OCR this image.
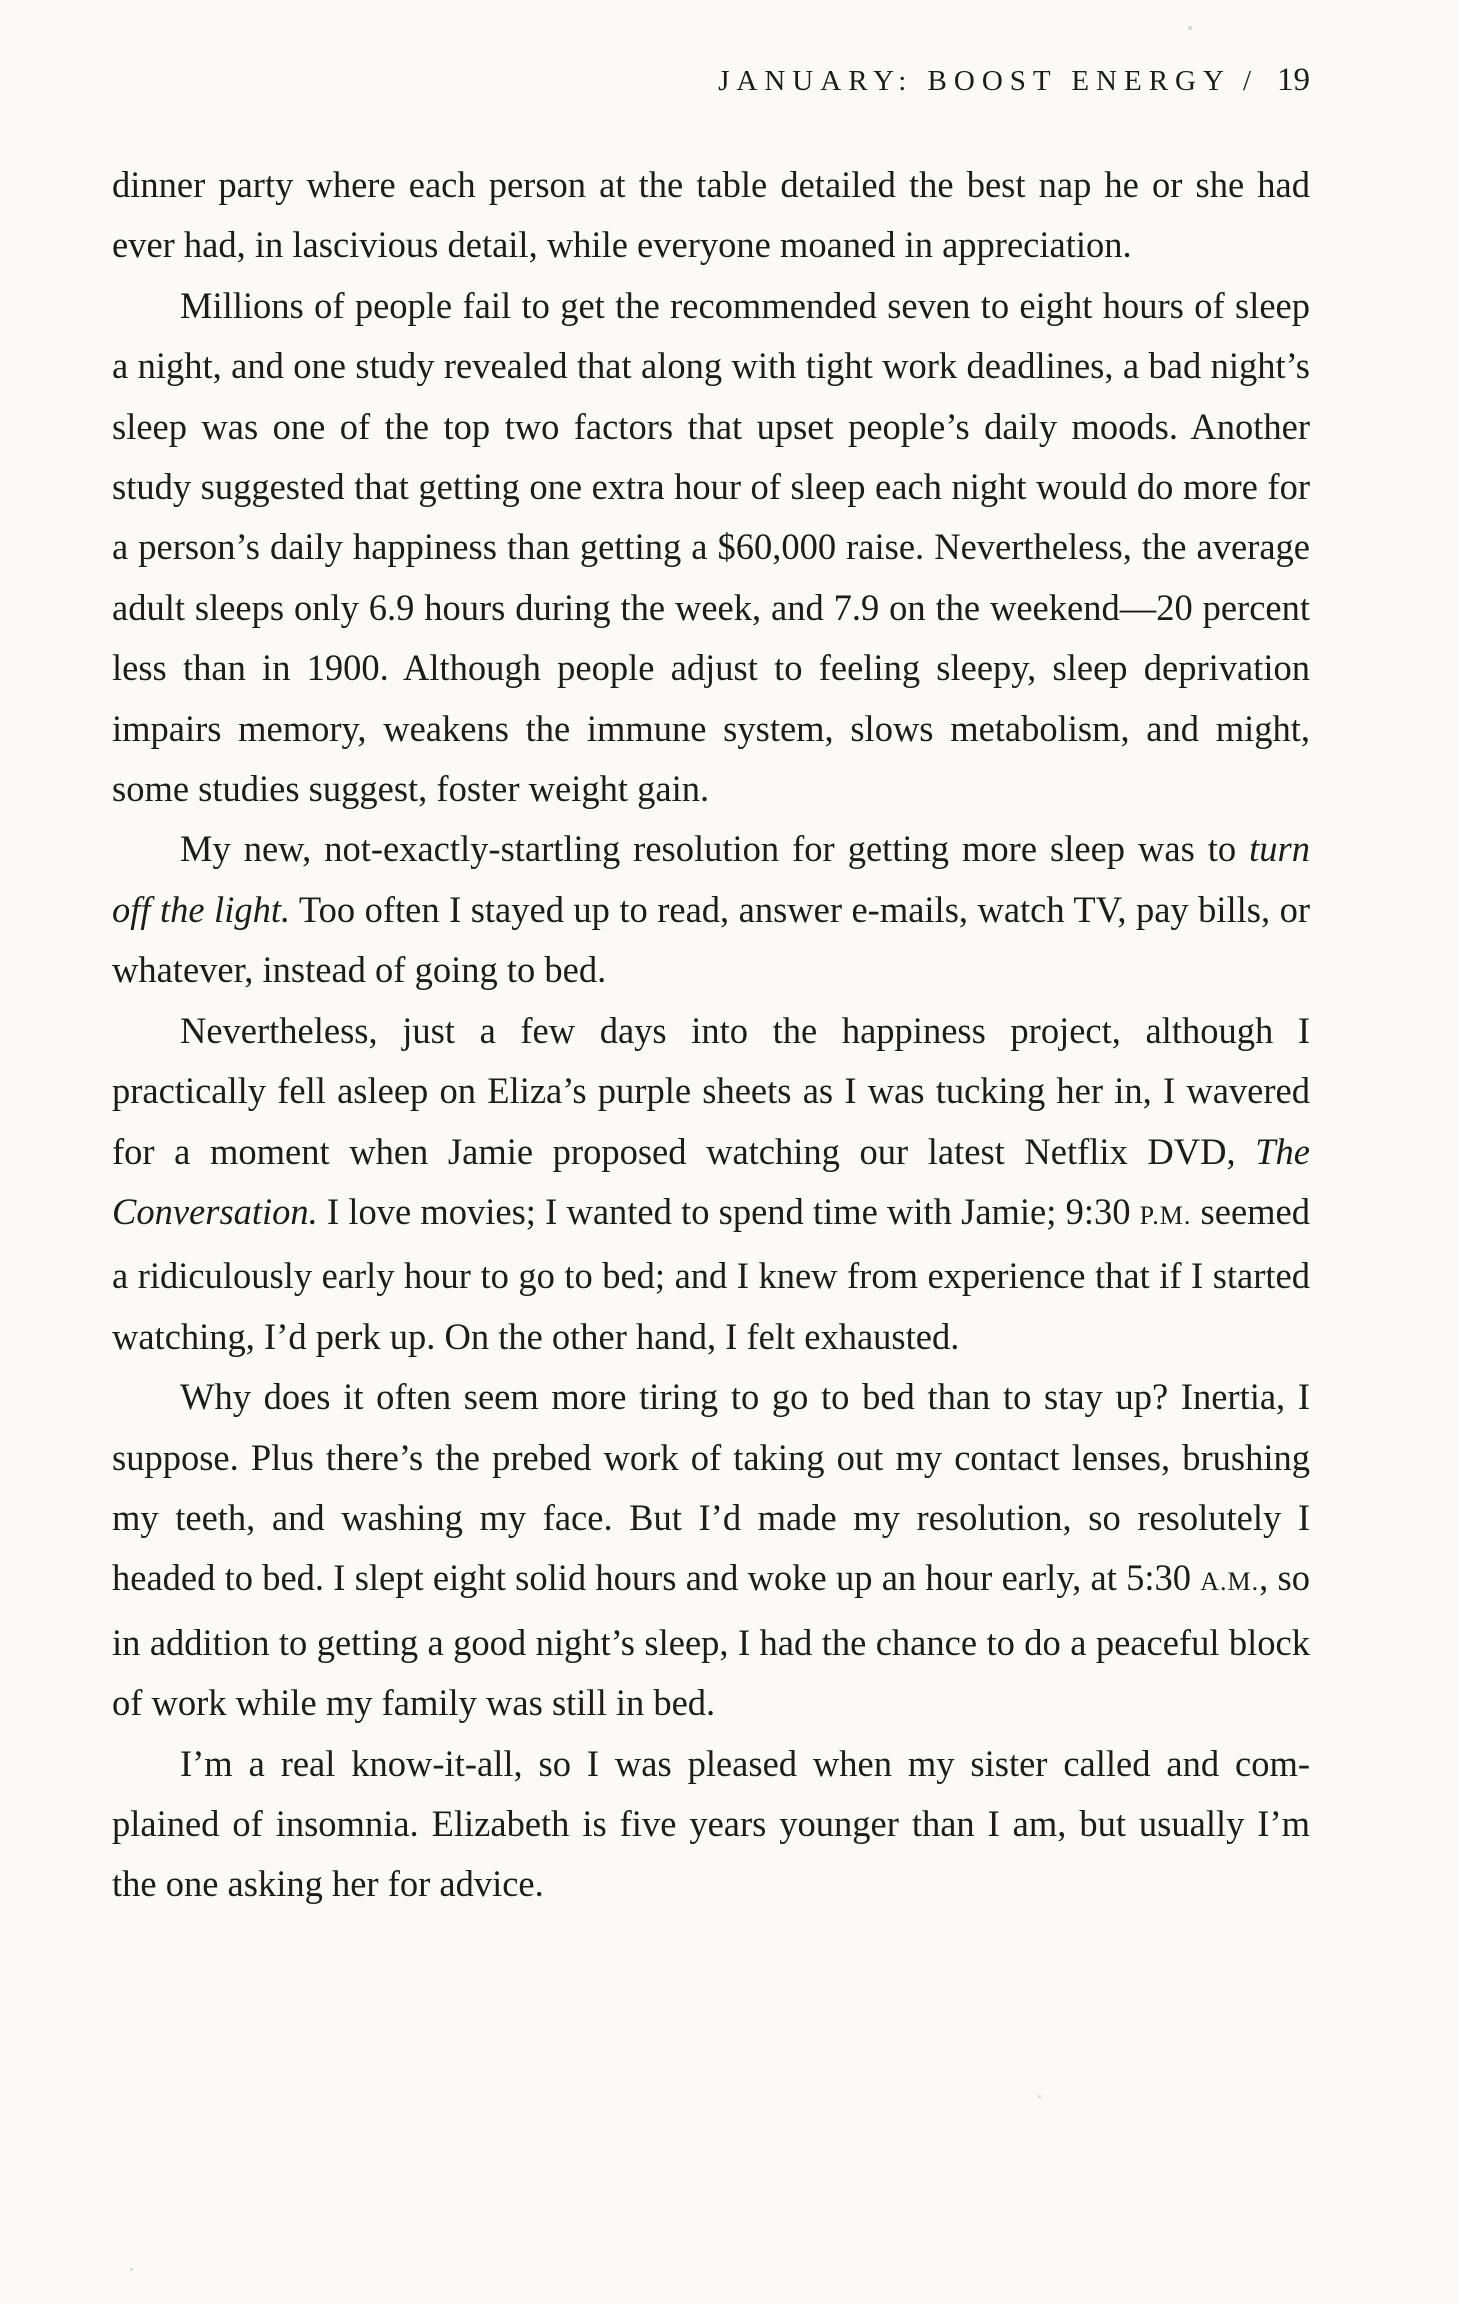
JANUARY: BOOST ENERGY / 19

dinner party where each person at the table detailed the best nap he or she had ever had, in lascivious detail, while everyone moaned in appreciation.

Millions of people fail to get the recommended seven to eight hours of sleep a night, and one study revealed that along with tight work deadlines, a bad night’s sleep was one of the top two factors that upset people’s daily moods. Another study suggested that getting one extra hour of sleep each night would do more for a person’s daily happiness than getting a $60,000 raise. Nevertheless, the average adult sleeps only 6.9 hours during the week, and 7.9 on the weekend—20 percent less than in 1900. Although people adjust to feeling sleepy, sleep deprivation impairs memory, weakens the immune system, slows metabolism, and might, some studies suggest, foster weight gain.

My new, not-exactly-startling resolution for getting more sleep was to turn off the light. Too often I stayed up to read, answer e-mails, watch TV, pay bills, or whatever, instead of going to bed.

Nevertheless, just a few days into the happiness project, although I practically fell asleep on Eliza’s purple sheets as I was tucking her in, I wavered for a moment when Jamie proposed watching our latest Netflix DVD, The Conversation. I love movies; I wanted to spend time with Jamie; 9:30 P.M. seemed a ridiculously early hour to go to bed; and I knew from experience that if I started watching, I’d perk up. On the other hand, I felt exhausted.

Why does it often seem more tiring to go to bed than to stay up? Inertia, I suppose. Plus there’s the prebed work of taking out my contact lenses, brushing my teeth, and washing my face. But I’d made my resolution, so resolutely I headed to bed. I slept eight solid hours and woke up an hour early, at 5:30 A.M., so in addition to getting a good night’s sleep, I had the chance to do a peaceful block of work while my family was still in bed.

I’m a real know-it-all, so I was pleased when my sister called and complained of insomnia. Elizabeth is five years younger than I am, but usually I’m the one asking her for advice.
